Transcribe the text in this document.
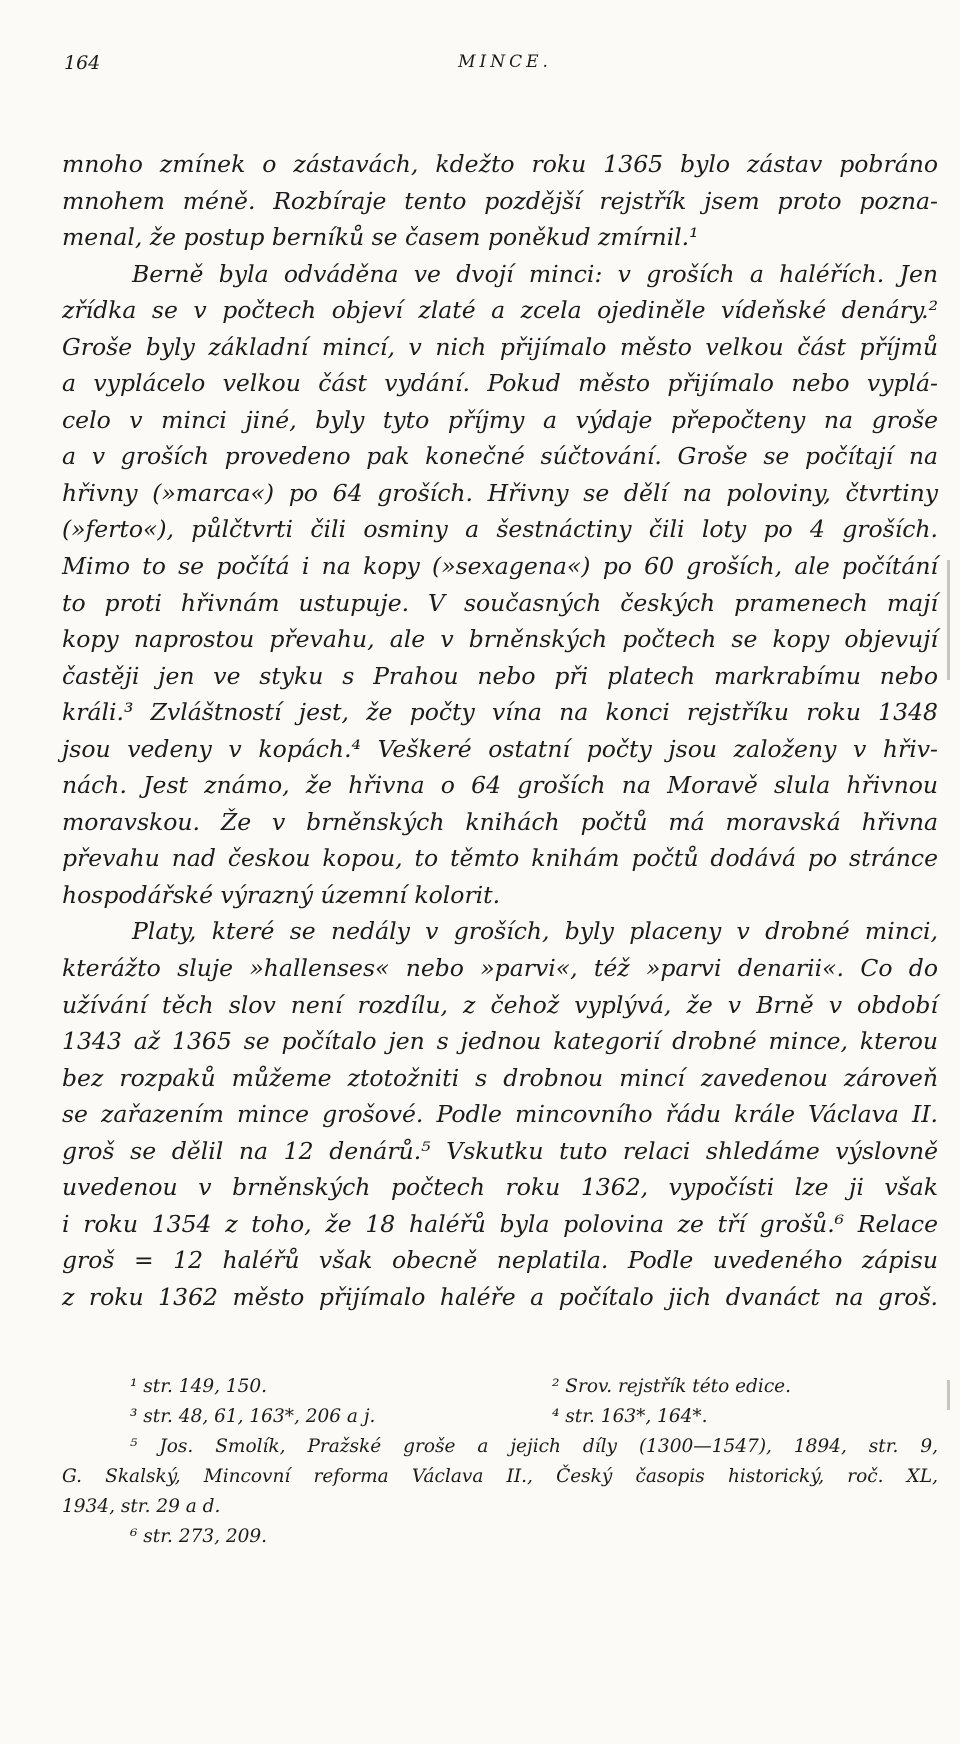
164	MINCE.
mnoho zmínek o zástavách, kdežto roku 1365 bylo zástav pobráno
mnohem méně. Rozbíraje tento pozdější rejstřík jsem proto pozna-
menal, že postup berníků se časem poněkud zmírnil.¹
Berně byla odváděna ve dvojí minci: v groších a haléřích. Jen
zřídka se v počtech objeví zlaté a zcela ojediněle vídeňské denáry.²
Groše byly základní mincí, v nich přijímalo město velkou část příjmů
a vyplácelo velkou část vydání. Pokud město přijímalo nebo vyplá-
celo v minci jiné, byly tyto příjmy a výdaje přepočteny na groše
a v groších provedeno pak konečné súčtování. Groše se počítají na
hřivny (»marca«) po 64 groších. Hřivny se dělí na poloviny, čtvrtiny
(»ferto«), půlčtvrti čili osminy a šestnáctiny čili loty po 4 groších.
Mimo to se počítá i na kopy (»sexagena«) po 60 groších, ale počítání
to proti hřivnám ustupuje. V současných českých pramenech mají
kopy naprostou převahu, ale v brněnských počtech se kopy objevují
častěji jen ve styku s Prahou nebo při platech markrabímu nebo
králi.³ Zvláštností jest, že počty vína na konci rejstříku roku 1348
jsou vedeny v kopách.⁴ Veškeré ostatní počty jsou založeny v hřiv-
nách. Jest známo, že hřivna o 64 groších na Moravě slula hřivnou
moravskou. Že v brněnských knihách počtů má moravská hřivna
převahu nad českou kopou, to těmto knihám počtů dodává po stránce
hospodářské výrazný územní kolorit.
Platy, které se nedály v groších, byly placeny v drobné minci,
kterážto sluje »hallenses« nebo »parvi«, též »parvi denarii«. Co do
užívání těch slov není rozdílu, z čehož vyplývá, že v Brně v období
1343 až 1365 se počítalo jen s jednou kategorií drobné mince, kterou
bez rozpaků můžeme ztotožniti s drobnou mincí zavedenou zároveň
se zařazením mince grošové. Podle mincovního řádu krále Václava II.
groš se dělil na 12 denárů.⁵ Vskutku tuto relaci shledáme výslovně
uvedenou v brněnských počtech roku 1362, vypočísti lze ji však
i roku 1354 z toho, že 18 haléřů byla polovina ze tří grošů.⁶ Relace
groš = 12 haléřů však obecně neplatila. Podle uvedeného zápisu
z roku 1362 město přijímalo haléře a počítalo jich dvanáct na groš.
¹ str. 149, 150.	² Srov. rejstřík této edice.
³ str. 48, 61, 163*, 206 a j.	⁴ str. 163*, 164*.
⁵ Jos. Smolík, Pražské groše a jejich díly (1300—1547), 1894, str. 9,
G. Skalský, Mincovní reforma Václava II., Český časopis historický, roč. XL,
1934, str. 29 a d.
⁶ str. 273, 209.
